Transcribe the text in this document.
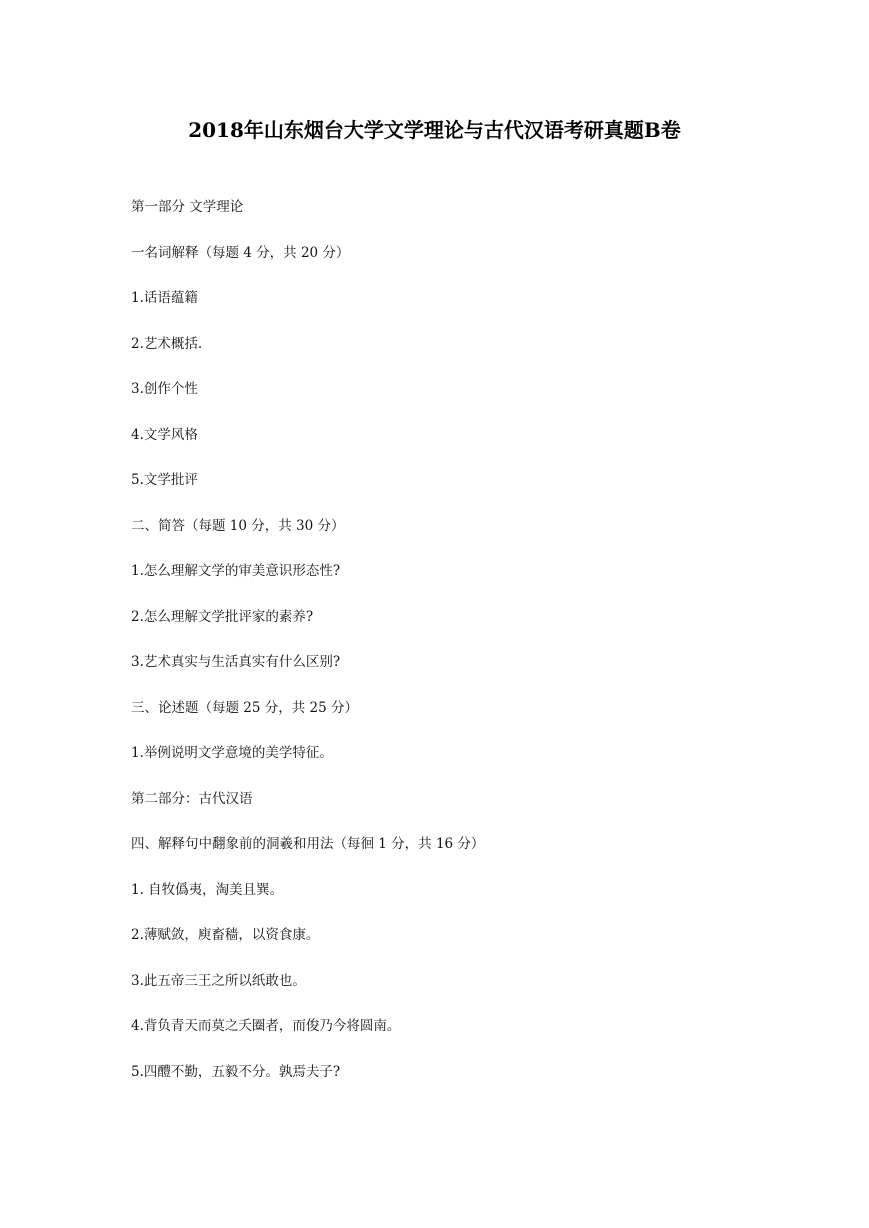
2018年山东烟台大学文学理论与古代汉语考研真题B卷
第一部分 文学理论
一名词解释（每题 4 分，共 20 分）
1.话语蕴籍
2.艺术概括.
3.创作个性
4.文学风格
5.文学批评
二、简答（每题 10 分，共 30 分）
1.怎么理解文学的审美意识形态性?
2.怎么理解文学批评家的素养?
3.艺术真实与生活真实有什么区别?
三、论述题（每题 25 分，共 25 分）
1.举例说明文学意境的美学特征。
第二部分：古代汉语
四、解释句中翻象前的洞羲和用法（每徊 1 分，共 16 分）
1. 自牧僞夷，淘美且巽。
2.薄赋敛，庾畜穑，以资食康。
3.此五帝三王之所以纸敢也。
4.背负青天而莫之夭圈者，而俊乃今将圆南。
5.四醴不勤，五毅不分。孰焉夫子?
